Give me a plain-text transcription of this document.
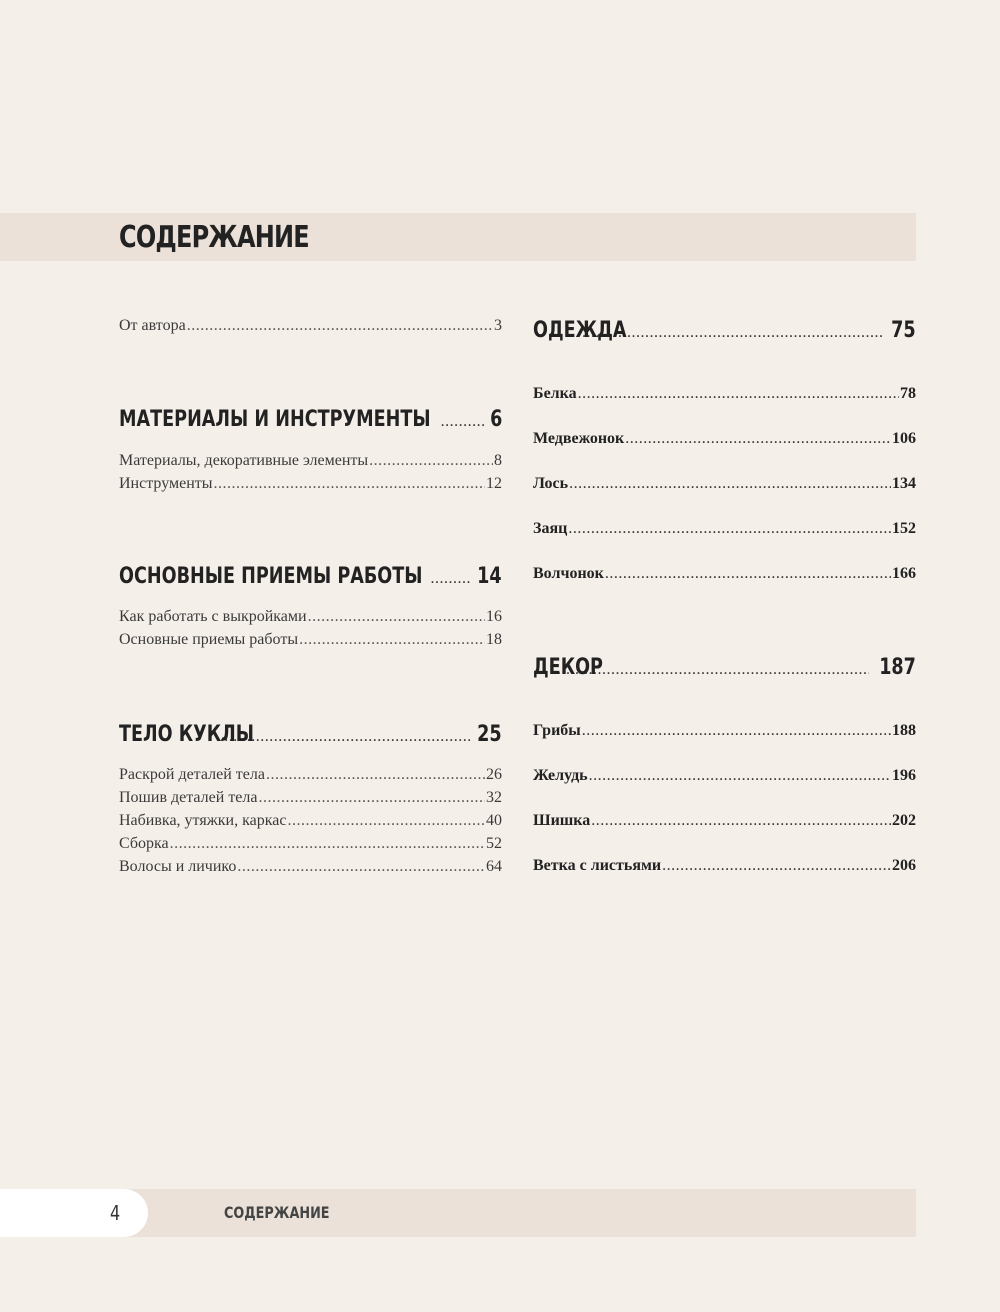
СОДЕРЖАНИЕ
От автора .....	3
МАТЕРИАЛЫ И ИНСТРУМЕНТЫ .....	6
Материалы, декоративные элементы .....	8
Инструменты .....	12
ОСНОВНЫЕ ПРИЕМЫ РАБОТЫ .....	14
Как работать с выкройками .....	16
Основные приемы работы .....	18
ТЕЛО КУКЛЫ .....	25
Раскрой деталей тела .....	26
Пошив деталей тела .....	32
Набивка, утяжки, каркас .....	40
Сборка .....	52
Волосы и личико .....	64
ОДЕЖДА .....	75
Белка .....	78
Медвежонок .....	106
Лось .....	134
Заяц .....	152
Волчонок .....	166
ДЕКОР .....	187
Грибы .....	188
Желудь .....	196
Шишка .....	202
Ветка с листьями .....	206
4	СОДЕРЖАНИЕ
